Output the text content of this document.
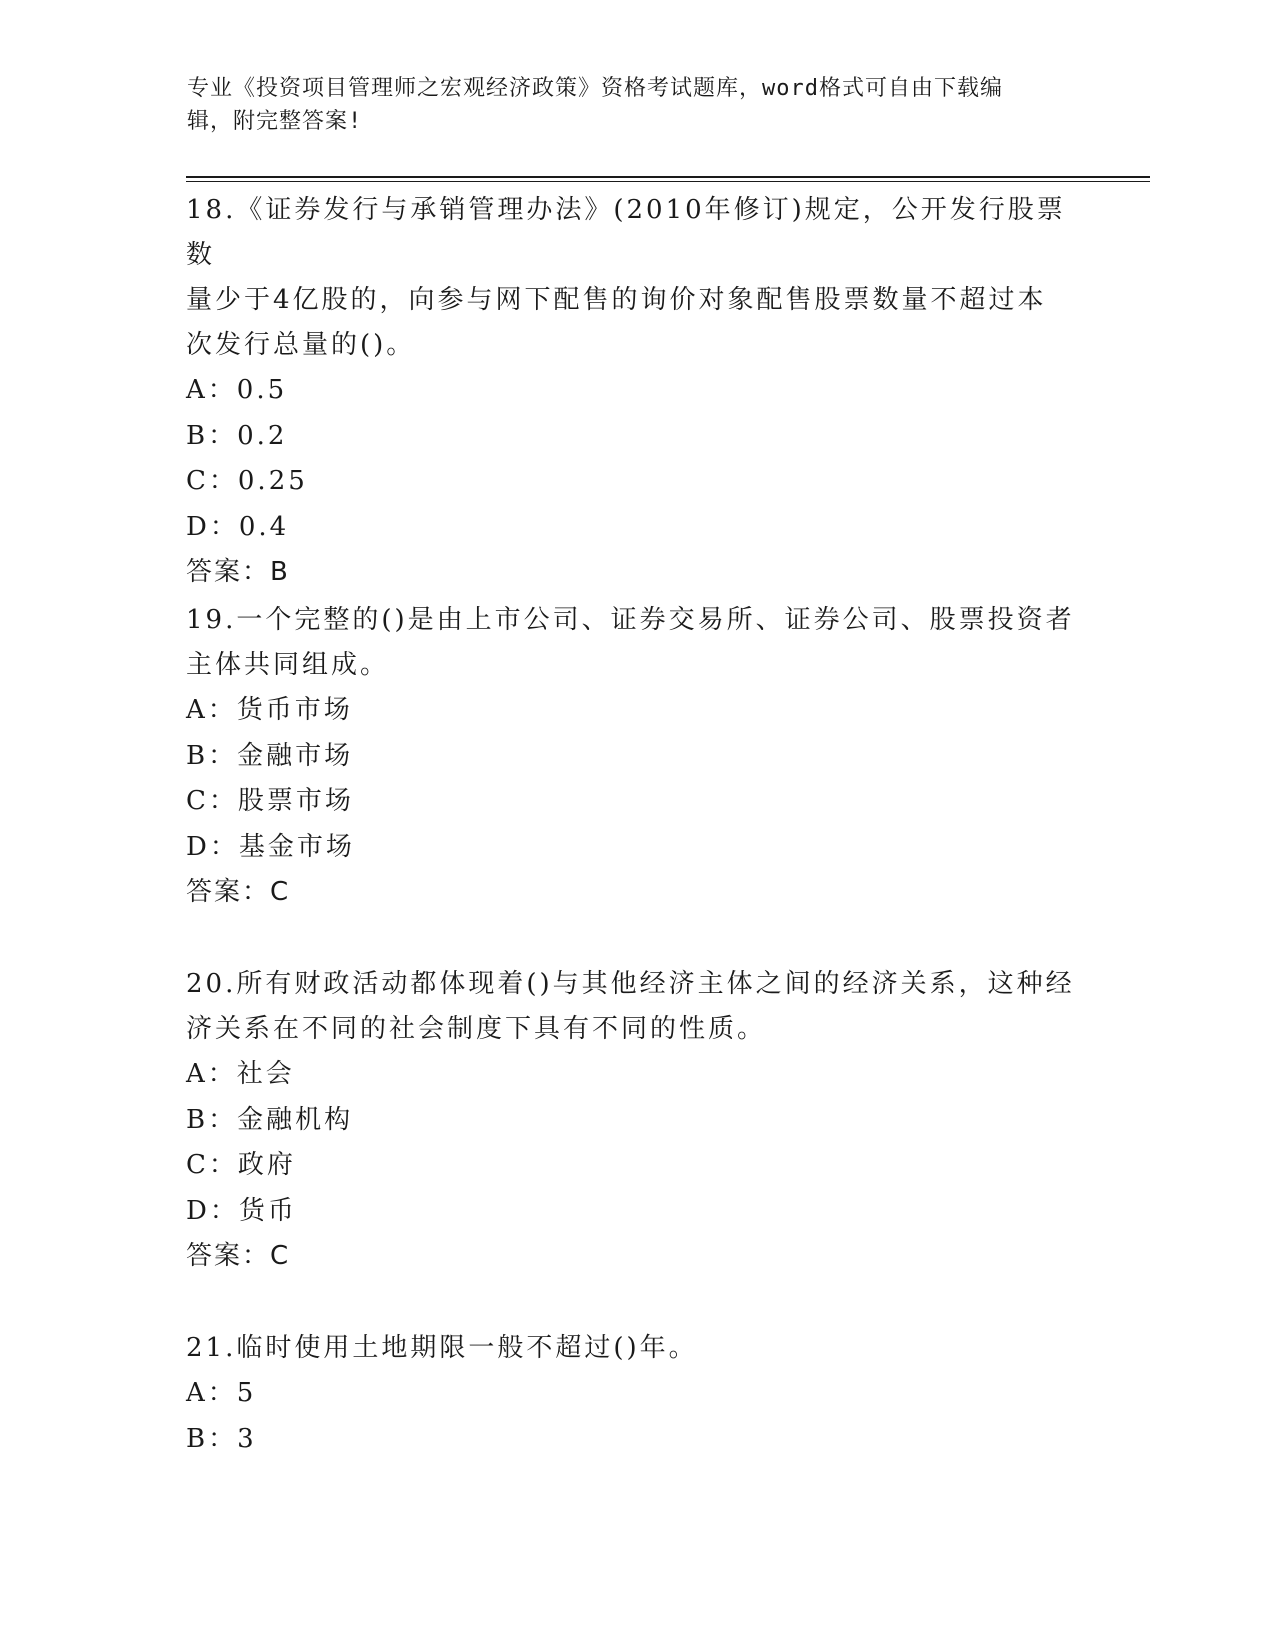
专业《投资项目管理师之宏观经济政策》资格考试题库，word格式可自由下载编
辑，附完整答案!

18.《证券发行与承销管理办法》(2010年修订)规定，公开发行股票数

量少于4亿股的，向参与网下配售的询价对象配售股票数量不超过本

次发行总量的()。

A：0.5

B：0.2

C：0.25

D：0.4

答案：B

19.一个完整的()是由上市公司、证券交易所、证券公司、股票投资者

主体共同组成。

A：货币市场

B：金融市场

C：股票市场

D：基金市场

答案：C

20.所有财政活动都体现着()与其他经济主体之间的经济关系，这种经

济关系在不同的社会制度下具有不同的性质。

A：社会

B：金融机构

C：政府

D：货币

答案：C

21.临时使用土地期限一般不超过()年。

A：5

B：3
